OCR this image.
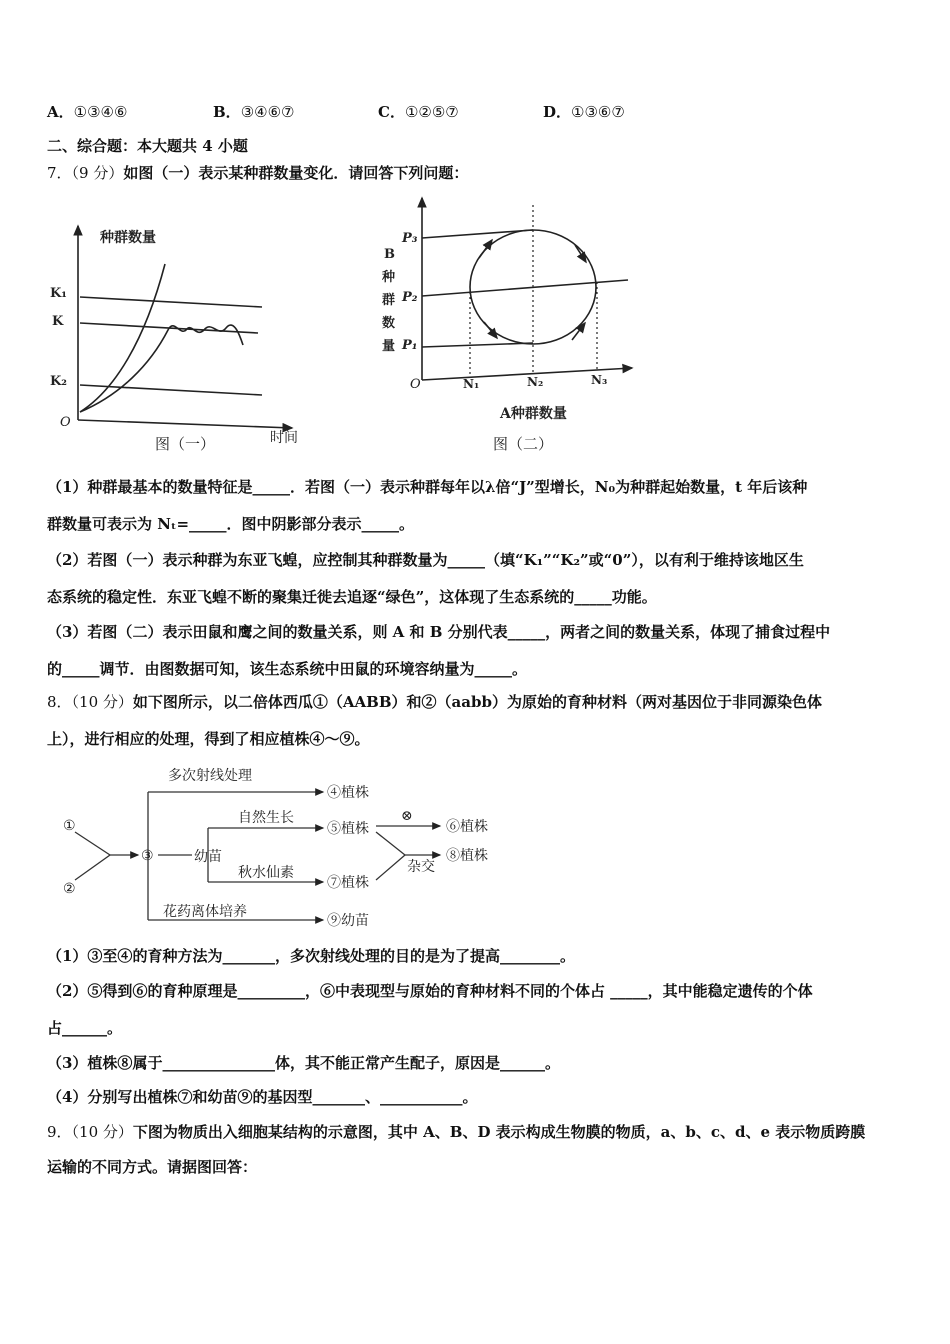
A．①③④⑥	B．③④⑥⑦	C．①②⑤⑦	D．①③⑥⑦
二、综合题：本大题共 4 小题
7．（9 分）如图（一）表示某种群数量变化．请回答下列问题：
种群数量
K₁
K
K₂
O
时间
图（一）
B
种
群
数
量
P₃
P₂
P₁
O	N₁	N₂	N₃
A种群数量
图（二）
（1）种群最基本的数量特征是_____．若图（一）表示种群每年以λ倍“J”型增长，N₀为种群起始数量，t 年后该种
群数量可表示为 Nₜ=_____．图中阴影部分表示_____。
（2）若图（一）表示种群为东亚飞蝗，应控制其种群数量为_____（填“K₁”“K₂”或“0”），以有利于维持该地区生
态系统的稳定性．东亚飞蝗不断的聚集迁徙去追逐“绿色”，这体现了生态系统的_____功能。
（3）若图（二）表示田鼠和鹰之间的数量关系，则 A 和 B 分别代表_____，两者之间的数量关系，体现了捕食过程中
的_____调节．由图数据可知，该生态系统中田鼠的环境容纳量为_____。
8．（10 分）如下图所示，以二倍体西瓜①（AABB）和②（aabb）为原始的育种材料（两对基因位于非同源染色体
上），进行相应的处理，得到了相应植株④～⑨。
①
②
③
多次射线处理
④植株
幼苗
自然生长
⑤植株
⊗
⑥植株
杂交
⑧植株
秋水仙素
⑦植株
花药离体培养
⑨幼苗
（1）③至④的育种方法为_______，多次射线处理的目的是为了提高________。
（2）⑤得到⑥的育种原理是_________，⑥中表现型与原始的育种材料不同的个体占 _____，其中能稳定遗传的个体
占______。
（3）植株⑧属于_______________体，其不能正常产生配子，原因是______。
（4）分别写出植株⑦和幼苗⑨的基因型_______、___________。
9．（10 分）下图为物质出入细胞某结构的示意图，其中 A、B、D 表示构成生物膜的物质，a、b、c、d、e 表示物质跨膜
运输的不同方式。请据图回答：
